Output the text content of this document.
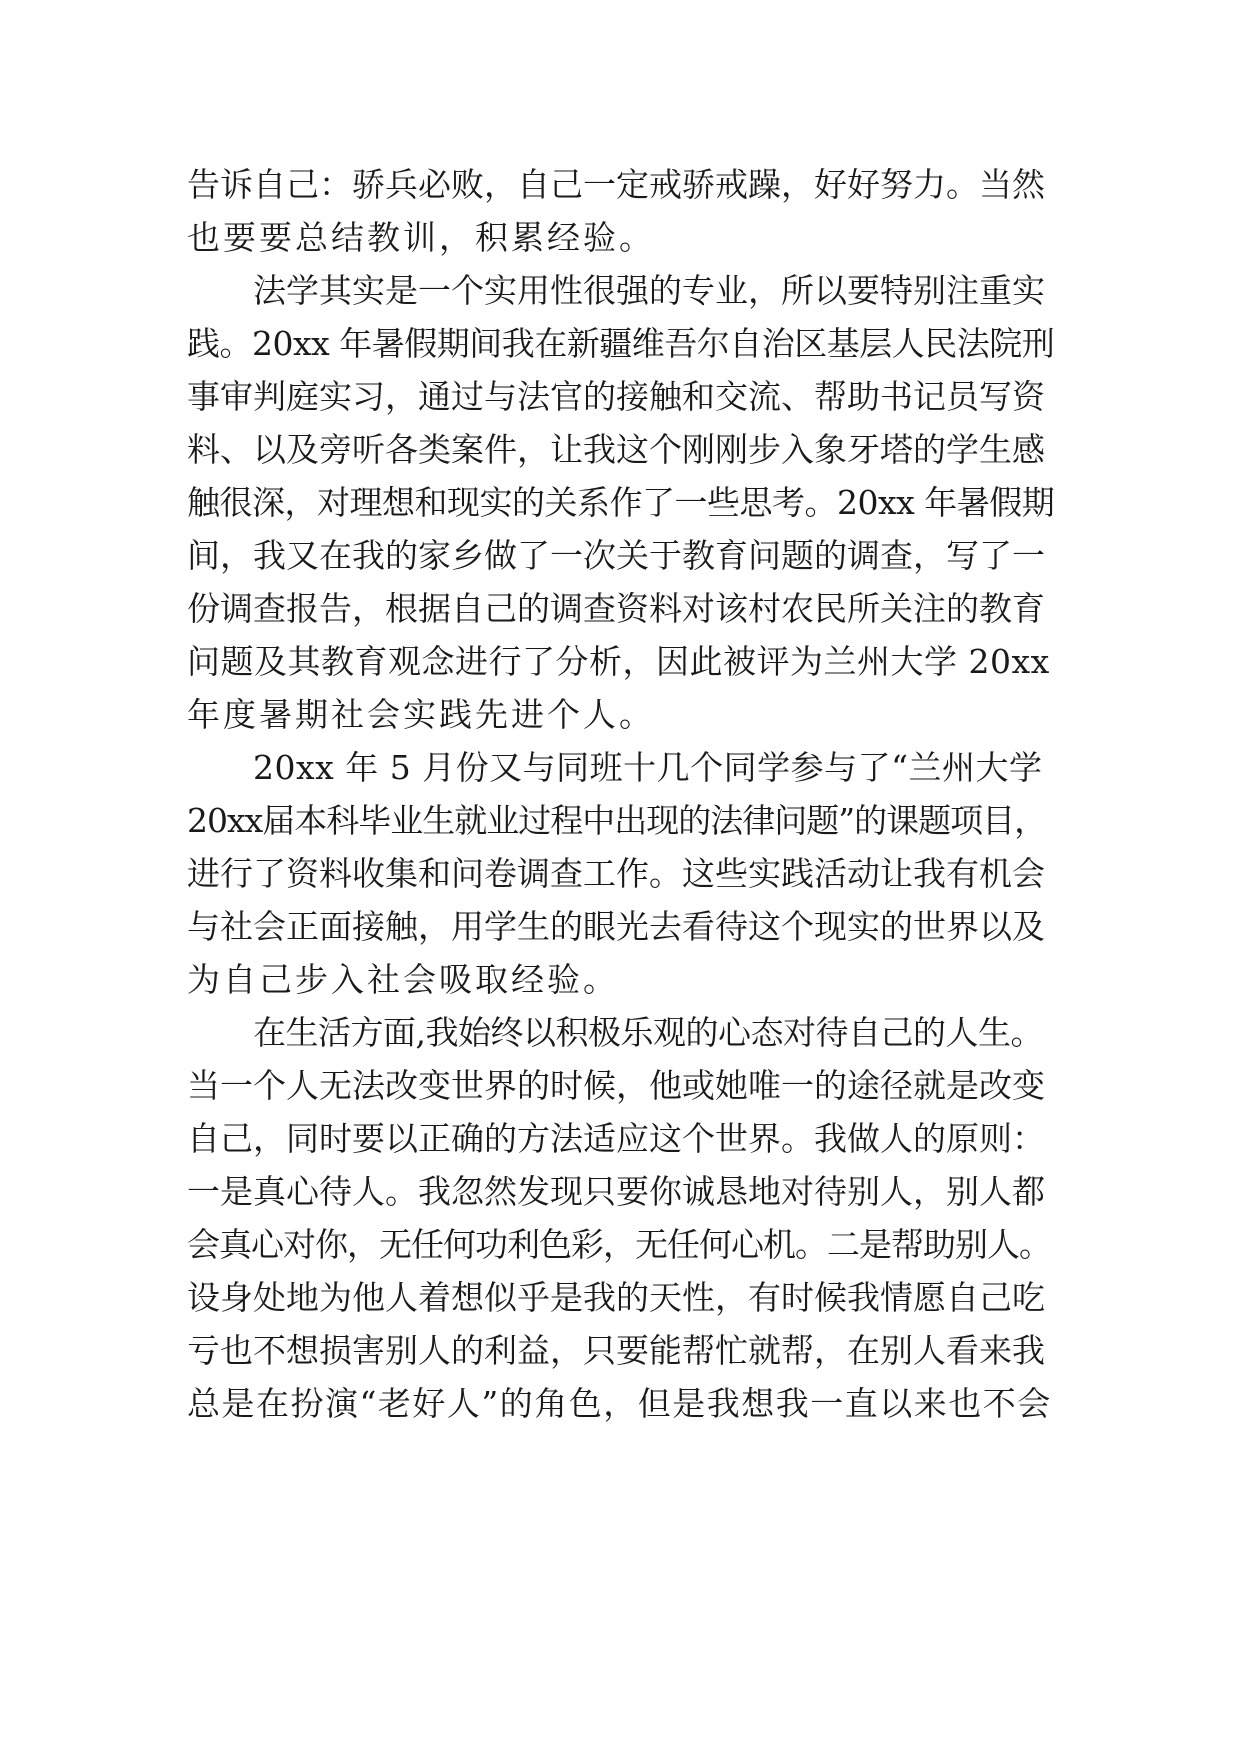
告诉自己：骄兵必败，自己一定戒骄戒躁，好好努力。当然
也要要总结教训，积累经验。
法学其实是一个实用性很强的专业，所以要特别注重实
践。20xx 年暑假期间我在新疆维吾尔自治区基层人民法院刑
事审判庭实习，通过与法官的接触和交流、帮助书记员写资
料、以及旁听各类案件，让我这个刚刚步入象牙塔的学生感
触很深，对理想和现实的关系作了一些思考。20xx 年暑假期
间，我又在我的家乡做了一次关于教育问题的调查，写了一
份调查报告，根据自己的调查资料对该村农民所关注的教育
问题及其教育观念进行了分析，因此被评为兰州大学 20xx
年度暑期社会实践先进个人。
20xx 年 5 月份又与同班十几个同学参与了“兰州大学
20xx届本科毕业生就业过程中出现的法律问题”的课题项目，
进行了资料收集和问卷调查工作。这些实践活动让我有机会
与社会正面接触，用学生的眼光去看待这个现实的世界以及
为自己步入社会吸取经验。
在生活方面,我始终以积极乐观的心态对待自己的人生。
当一个人无法改变世界的时候，他或她唯一的途径就是改变
自己，同时要以正确的方法适应这个世界。我做人的原则：
一是真心待人。我忽然发现只要你诚恳地对待别人，别人都
会真心对你，无任何功利色彩，无任何心机。二是帮助别人。
设身处地为他人着想似乎是我的天性，有时候我情愿自己吃
亏也不想损害别人的利益，只要能帮忙就帮，在别人看来我
总是在扮演“老好人”的角色，但是我想我一直以来也不会
